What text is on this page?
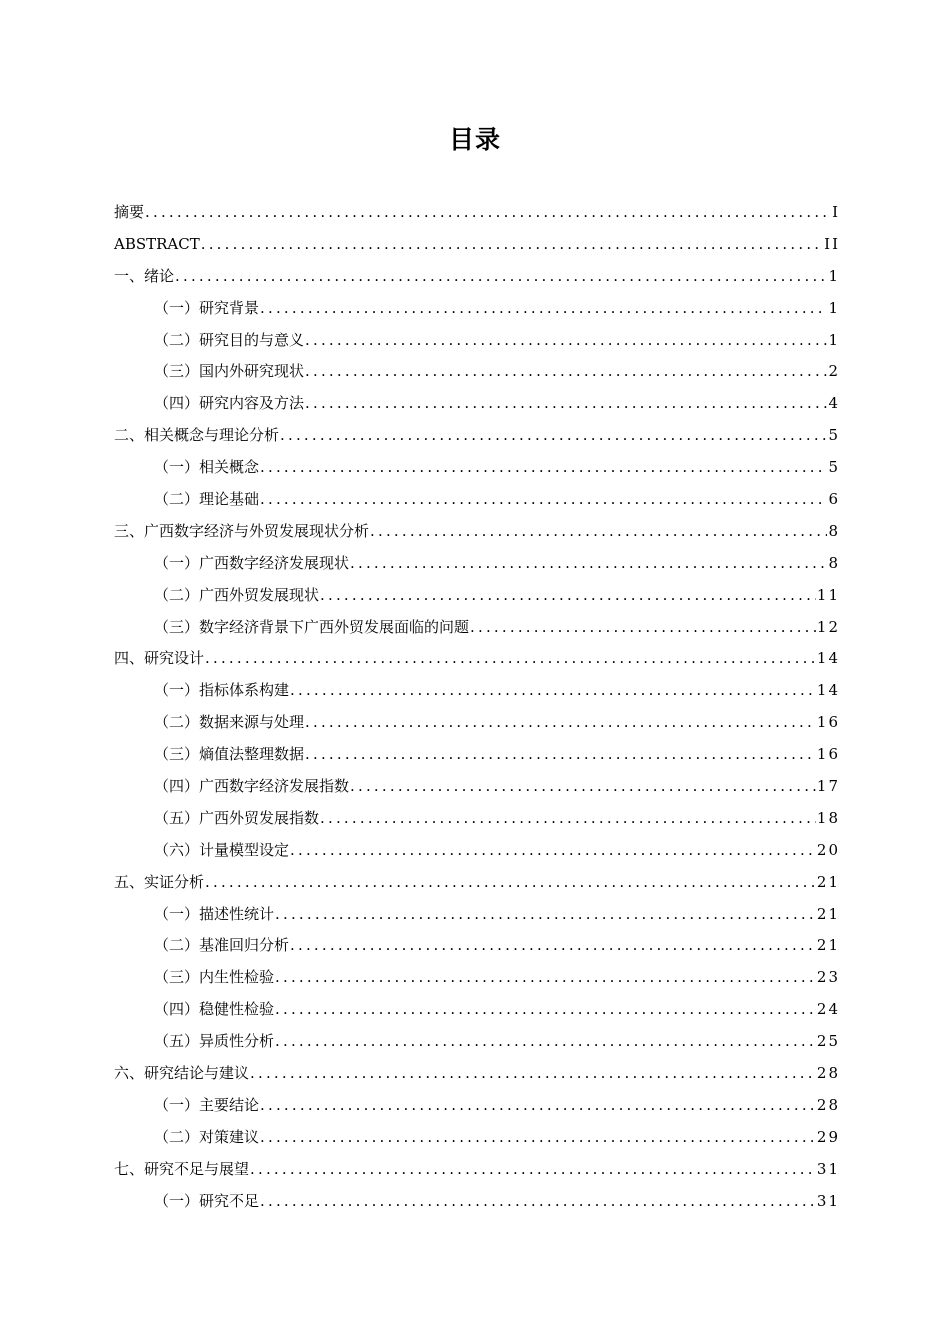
目录
摘要 .....	I
ABSTRACT .....	II
一、绪论 .....	1
（一）研究背景 .....	1
（二）研究目的与意义 .....	1
（三）国内外研究现状 .....	2
（四）研究内容及方法 .....	4
二、相关概念与理论分析 .....	5
（一）相关概念 .....	5
（二）理论基础 .....	6
三、广西数字经济与外贸发展现状分析 .....	8
（一）广西数字经济发展现状 .....	8
（二）广西外贸发展现状 .....	11
（三）数字经济背景下广西外贸发展面临的问题 .....	12
四、研究设计 .....	14
（一）指标体系构建 .....	14
（二）数据来源与处理 .....	16
（三）熵值法整理数据 .....	16
（四）广西数字经济发展指数 .....	17
（五）广西外贸发展指数 .....	18
（六）计量模型设定 .....	20
五、实证分析 .....	21
（一）描述性统计 .....	21
（二）基准回归分析 .....	21
（三）内生性检验 .....	23
（四）稳健性检验 .....	24
（五）异质性分析 .....	25
六、研究结论与建议 .....	28
（一）主要结论 .....	28
（二）对策建议 .....	29
七、研究不足与展望 .....	31
（一）研究不足 .....	31
